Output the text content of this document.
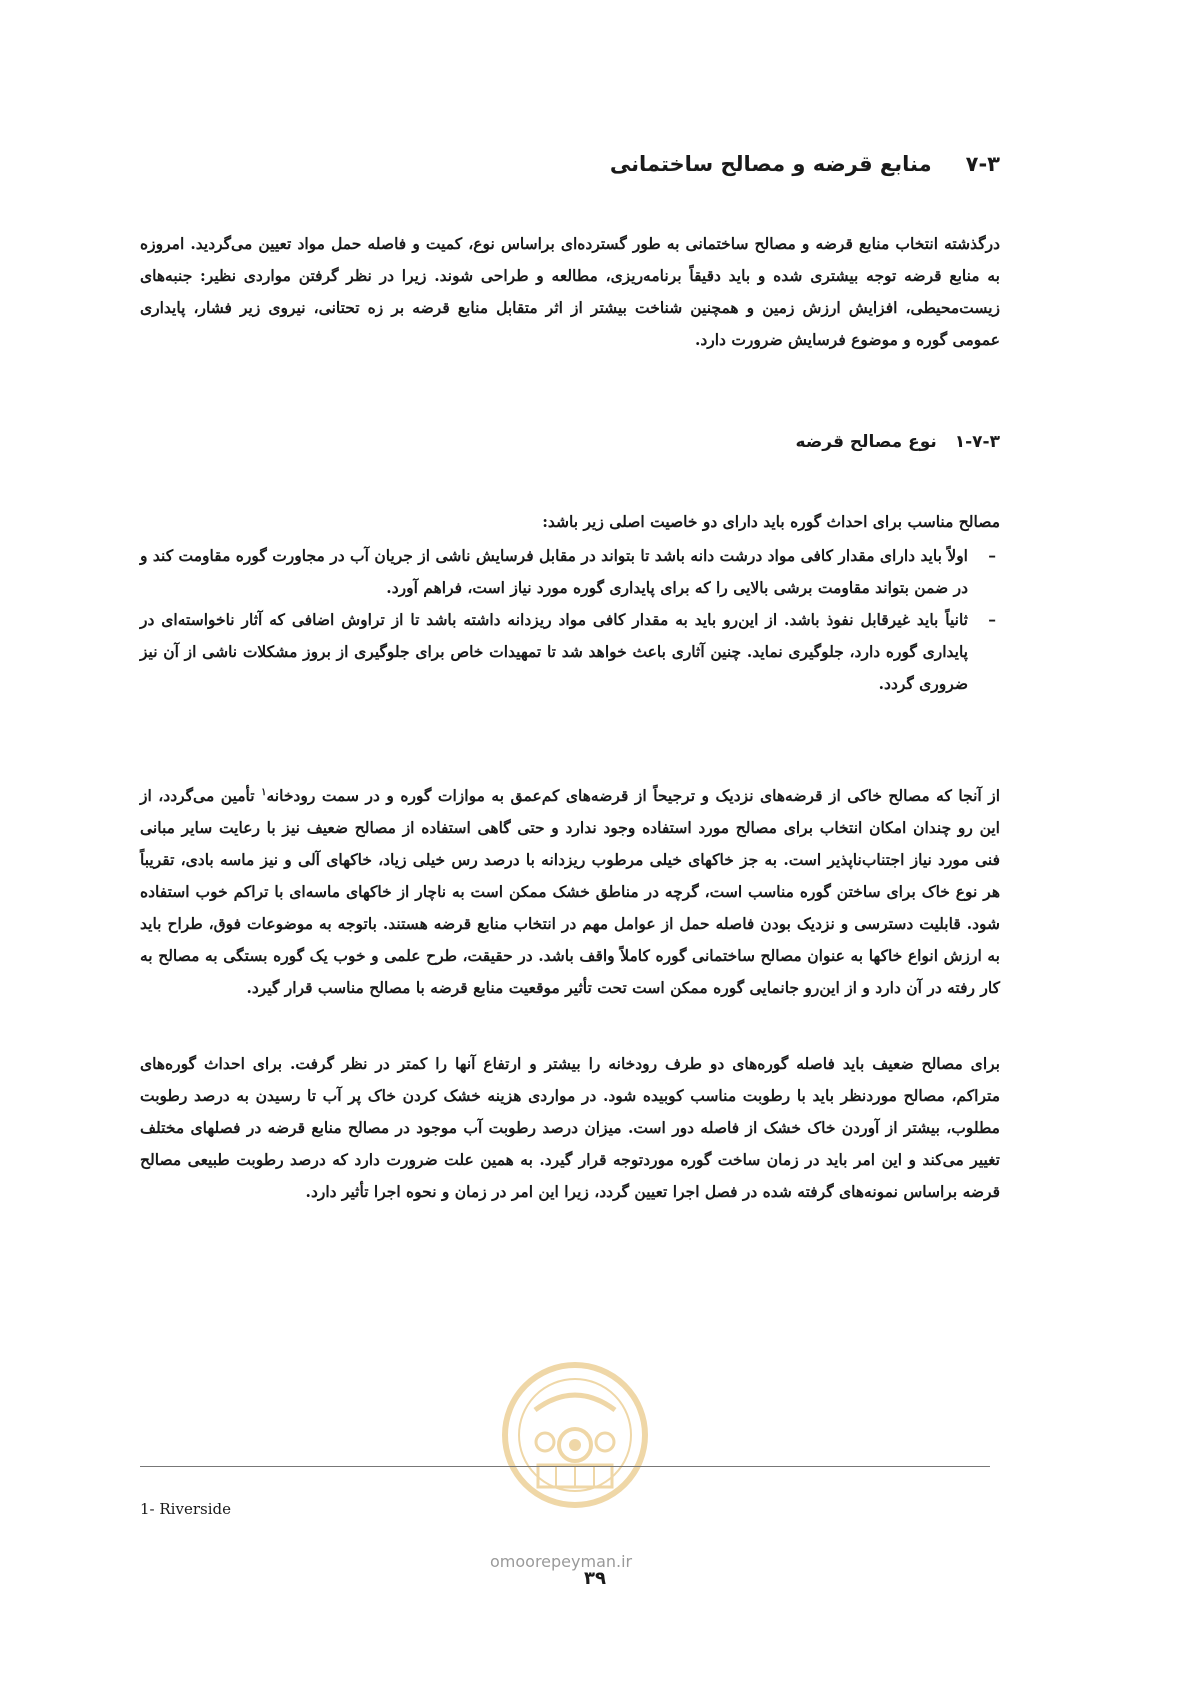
۷-۳منابع قرضه و مصالح ساختمانی

درگذشته انتخاب منابع قرضه و مصالح ساختمانی به طور گسترده‌ای براساس نوع، کمیت و فاصله حمل مواد تعیین می‌گردید. امروزه به منابع قرضه توجه بیشتری شده و باید دقیقاً برنامه‌ریزی، مطالعه و طراحی شوند. زیرا در نظر گرفتن مواردی نظیر: جنبه‌های زیست‌محیطی، افزایش ارزش زمین و همچنین شناخت بیشتر از اثر متقابل منابع قرضه بر زه تحتانی، نیروی زیر فشار، پایداری عمومی گوره و موضوع فرسایش ضرورت دارد.

۱-۷-۳نوع مصالح قرضه

مصالح مناسب برای احداث گوره باید دارای دو خاصیت اصلی زیر باشد:

–
اولاً باید دارای مقدار کافی مواد درشت دانه باشد تا بتواند در مقابل فرسایش ناشی از جریان آب در مجاورت گوره مقاومت کند و در ضمن بتواند مقاومت برشی بالایی را که برای پایداری گوره مورد نیاز است، فراهم آورد.
–
ثانیاً باید غیرقابل نفوذ باشد. از این‌رو باید به مقدار کافی مواد ریزدانه داشته باشد تا از تراوش اضافی که آثار ناخواسته‌ای در پایداری گوره دارد، جلوگیری نماید. چنین آثاری باعث خواهد شد تا تمهیدات خاص برای جلوگیری از بروز مشکلات ناشی از آن نیز ضروری گردد.

از آنجا که مصالح خاکی از قرضه‌های نزدیک و ترجیحاً از قرضه‌های کم‌عمق به موازات گوره و در سمت رودخانه$^۱$ تأمین می‌گردد، از این رو چندان امکان انتخاب برای مصالح مورد استفاده وجود ندارد و حتی گاهی استفاده از مصالح ضعیف نیز با رعایت سایر مبانی فنی مورد نیاز اجتناب‌ناپذیر است. به جز خاکهای خیلی مرطوب ریزدانه با درصد رس خیلی زیاد، خاکهای آلی و نیز ماسه بادی، تقریباً هر نوع خاک برای ساختن گوره مناسب است، گرچه در مناطق خشک ممکن است به ناچار از خاکهای ماسه‌ای با تراکم خوب استفاده شود. قابلیت دسترسی و نزدیک بودن فاصله حمل از عوامل مهم در انتخاب منابع قرضه هستند. باتوجه به موضوعات فوق، طراح باید به ارزش انواع خاکها به عنوان مصالح ساختمانی گوره کاملاً واقف باشد. در حقیقت، طرح علمی و خوب یک گوره بستگی به مصالح به کار رفته در آن دارد و از این‌رو جانمایی گوره ممکن است تحت تأثیر موقعیت منابع قرضه با مصالح مناسب قرار گیرد.

برای مصالح ضعیف باید فاصله گوره‌های دو طرف رودخانه را بیشتر و ارتفاع آنها را کمتر در نظر گرفت. برای احداث گوره‌های متراکم، مصالح موردنظر باید با رطوبت مناسب کوبیده شود. در مواردی هزینه خشک کردن خاک پر آب تا رسیدن به درصد رطوبت مطلوب، بیشتر از آوردن خاک خشک از فاصله دور است. میزان درصد رطوبت آب موجود در مصالح منابع قرضه در فصلهای مختلف تغییر می‌کند و این امر باید در زمان ساخت گوره موردتوجه قرار گیرد. به همین علت ضرورت دارد که درصد رطوبت طبیعی مصالح قرضه براساس نمونه‌های گرفته شده در فصل اجرا تعیین گردد، زیرا این امر در زمان و نحوه اجرا تأثیر دارد.

1- Riverside
omoorepeyman.ir
۳۹
